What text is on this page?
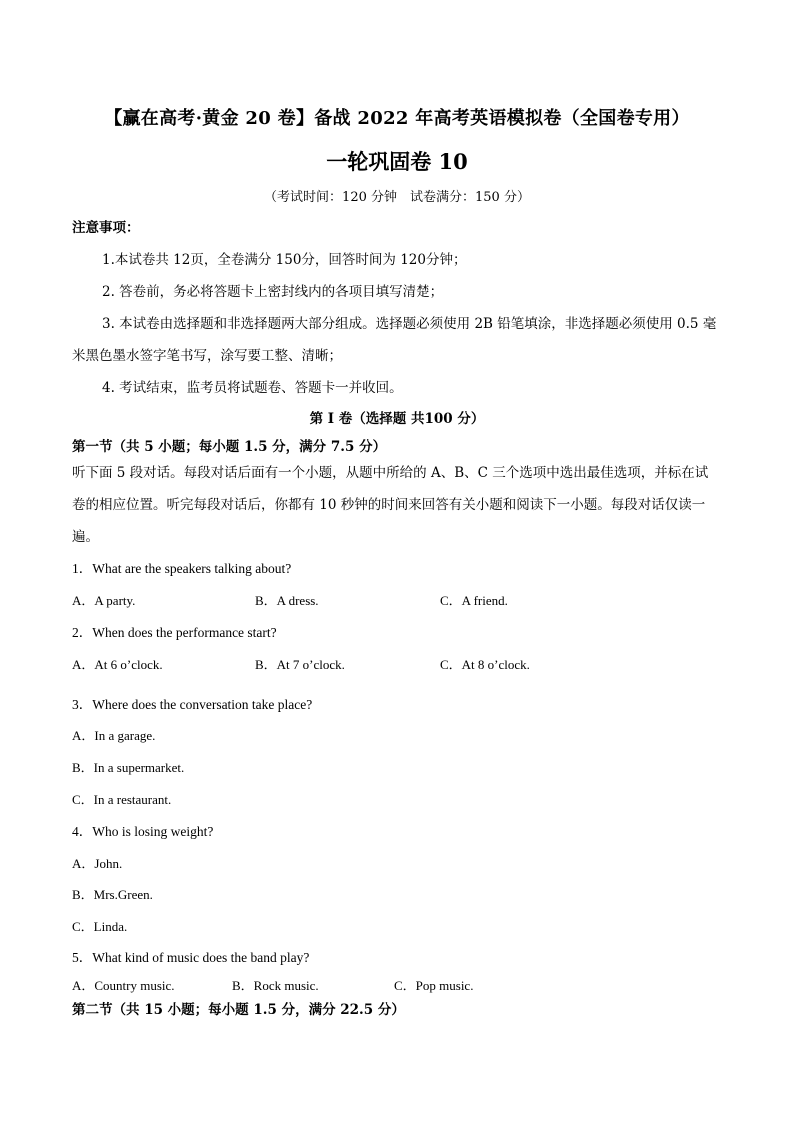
【赢在高考·黄金 20 卷】备战 2022 年高考英语模拟卷（全国卷专用）
一轮巩固卷 10
（考试时间：120 分钟　试卷满分：150 分）
注意事项：
1.本试卷共 12页，全卷满分 150分，回答时间为 120分钟；
2. 答卷前，务必将答题卡上密封线内的各项目填写清楚；
3. 本试卷由选择题和非选择题两大部分组成。选择题必须使用 2B 铅笔填涂，非选择题必须使用 0.5 毫
米黑色墨水签字笔书写，涂写要工整、清晰；
4. 考试结束，监考员将试题卷、答题卡一并收回。
第 I 卷（选择题 共100 分）
第一节（共 5 小题；每小题 1.5 分，满分 7.5 分）
听下面 5 段对话。每段对话后面有一个小题，从题中所给的 A、B、C 三个选项中选出最佳选项，并标在试
卷的相应位置。听完每段对话后，你都有 10 秒钟的时间来回答有关小题和阅读下一小题。每段对话仅读一
遍。
1．What are the speakers talking about?
A．A party.	B．A dress.	C．A friend.
2．When does the performance start?
A．At 6 o’clock.	B．At 7 o’clock.	C．At 8 o’clock.
3．Where does the conversation take place?
A．In a garage.
B．In a supermarket.
C．In a restaurant.
4．Who is losing weight?
A．John.
B．Mrs.Green.
C．Linda.
5．What kind of music does the band play?
A．Country music.	B．Rock music.	C．Pop music.
第二节（共 15 小题；每小题 1.5 分，满分 22.5 分）
